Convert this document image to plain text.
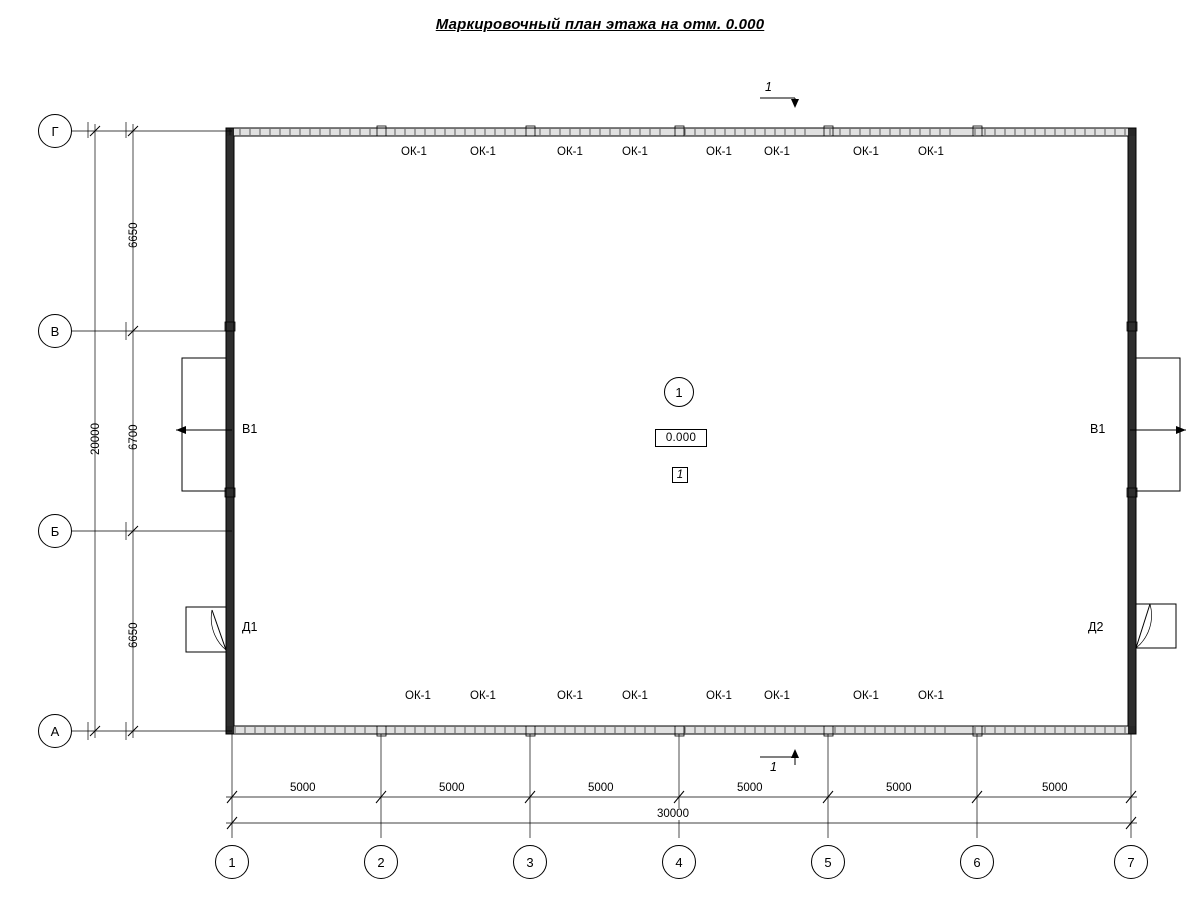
Маркировочный план этажа на отм. 0.000
Г
В
Б
А
1	2	3	4	5	6	7
6650
6700
6650
20000
5000	5000	5000	5000	5000	5000
30000
ОК-1	ОК-1	ОК-1	ОК-1	ОК-1	ОК-1	ОК-1	ОК-1
ОК-1	ОК-1	ОК-1	ОК-1	ОК-1	ОК-1	ОК-1	ОК-1
В1	В1
Д1	Д2
1
0.000
1
1
1
